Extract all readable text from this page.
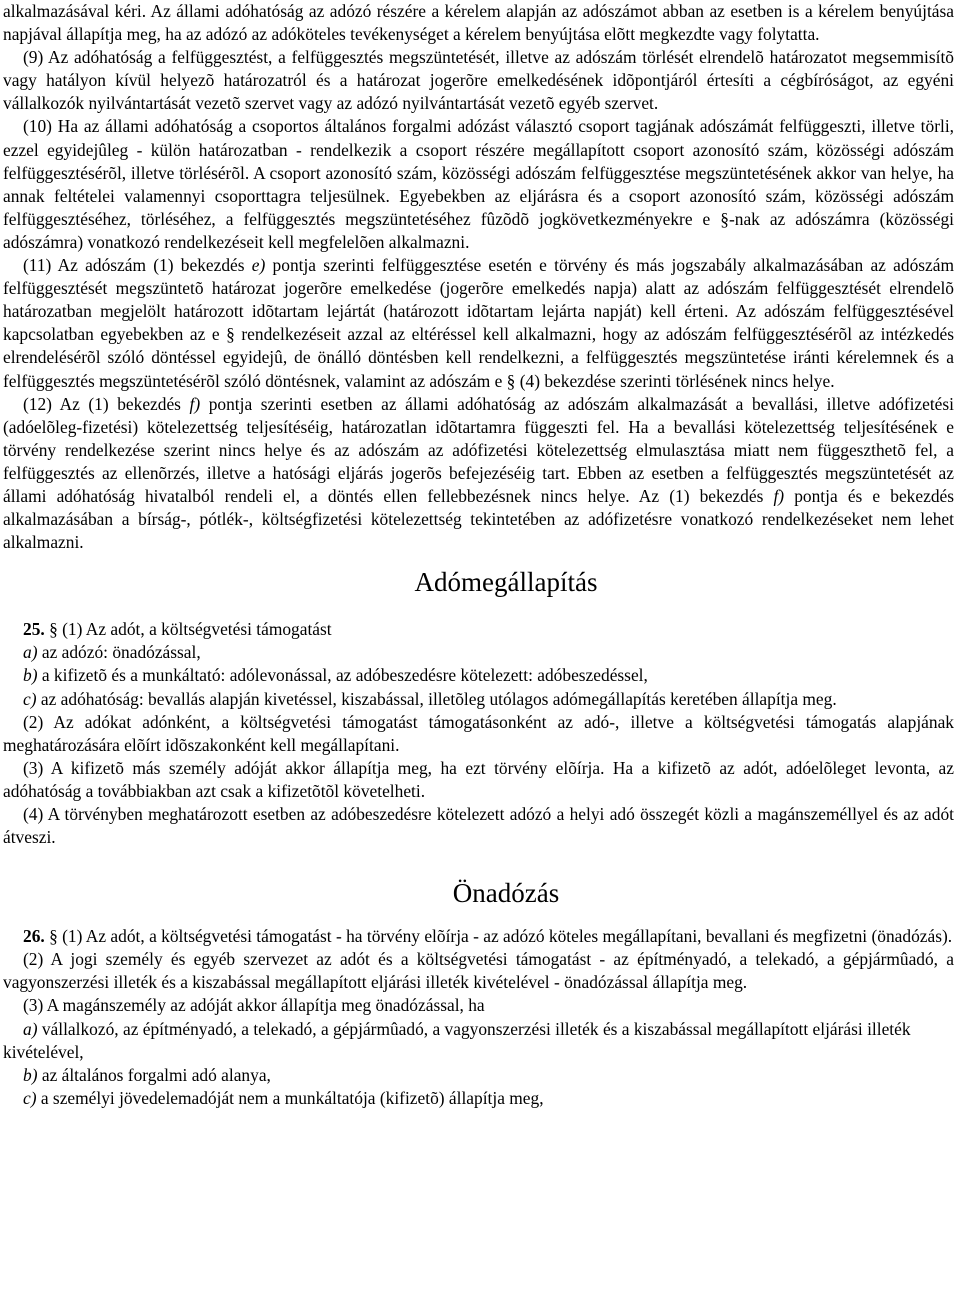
alkalmazásával kéri. Az állami adóhatóság az adózó részére a kérelem alapján az adószámot abban az esetben is a kérelem benyújtása napjával állapítja meg, ha az adózó az adóköteles tevékenységet a kérelem benyújtása elõtt megkezdte vagy folytatta.

(9) Az adóhatóság a felfüggesztést, a felfüggesztés megszüntetését, illetve az adószám törlését elrendelõ határozatot megsemmisítõ vagy hatályon kívül helyezõ határozatról és a határozat jogerõre emelkedésének idõpontjáról értesíti a cégbíróságot, az egyéni vállalkozók nyilvántartását vezetõ szervet vagy az adózó nyilvántartását vezetõ egyéb szervet.

(10) Ha az állami adóhatóság a csoportos általános forgalmi adózást választó csoport tagjának adószámát felfüggeszti, illetve törli, ezzel egyidejûleg - külön határozatban - rendelkezik a csoport részére megállapított csoport azonosító szám, közösségi adószám felfüggesztésérõl, illetve törlésérõl. A csoport azonosító szám, közösségi adószám felfüggesztése megszüntetésének akkor van helye, ha annak feltételei valamennyi csoporttagra teljesülnek. Egyebekben az eljárásra és a csoport azonosító szám, közösségi adószám felfüggesztéséhez, törléséhez, a felfüggesztés megszüntetéséhez fûzõdõ jogkövetkezményekre e §-nak az adószámra (közösségi adószámra) vonatkozó rendelkezéseit kell megfelelõen alkalmazni.

(11) Az adószám (1) bekezdés e) pontja szerinti felfüggesztése esetén e törvény és más jogszabály alkalmazásában az adószám felfüggesztését megszüntetõ határozat jogerõre emelkedése (jogerõre emelkedés napja) alatt az adószám felfüggesztését elrendelõ határozatban megjelölt határozott idõtartam lejártát (határozott idõtartam lejárta napját) kell érteni. Az adószám felfüggesztésével kapcsolatban egyebekben az e § rendelkezéseit azzal az eltéréssel kell alkalmazni, hogy az adószám felfüggesztésérõl az intézkedés elrendelésérõl szóló döntéssel egyidejû, de önálló döntésben kell rendelkezni, a felfüggesztés megszüntetése iránti kérelemnek és a felfüggesztés megszüntetésérõl szóló döntésnek, valamint az adószám e § (4) bekezdése szerinti törlésének nincs helye.

(12) Az (1) bekezdés f) pontja szerinti esetben az állami adóhatóság az adószám alkalmazását a bevallási, illetve adófizetési (adóelõleg-fizetési) kötelezettség teljesítéséig, határozatlan idõtartamra függeszti fel. Ha a bevallási kötelezettség teljesítésének e törvény rendelkezése szerint nincs helye és az adószám az adófizetési kötelezettség elmulasztása miatt nem függeszthetõ fel, a felfüggesztés az ellenõrzés, illetve a hatósági eljárás jogerõs befejezéséig tart. Ebben az esetben a felfüggesztés megszüntetését az állami adóhatóság hivatalból rendeli el, a döntés ellen fellebbezésnek nincs helye. Az (1) bekezdés f) pontja és e bekezdés alkalmazásában a bírság-, pótlék-, költségfizetési kötelezettség tekintetében az adófizetésre vonatkozó rendelkezéseket nem lehet alkalmazni.

Adómegállapítás

25. § (1) Az adót, a költségvetési támogatást

a) az adózó: önadózással,

b) a kifizetõ és a munkáltató: adólevonással, az adóbeszedésre kötelezett: adóbeszedéssel,

c) az adóhatóság: bevallás alapján kivetéssel, kiszabással, illetõleg utólagos adómegállapítás keretében állapítja meg.

(2) Az adókat adónként, a költségvetési támogatást támogatásonként az adó-, illetve a költségvetési támogatás alapjának meghatározására elõírt idõszakonként kell megállapítani.

(3) A kifizetõ más személy adóját akkor állapítja meg, ha ezt törvény elõírja. Ha a kifizetõ az adót, adóelõleget levonta, az adóhatóság a továbbiakban azt csak a kifizetõtõl követelheti.

(4) A törvényben meghatározott esetben az adóbeszedésre kötelezett adózó a helyi adó összegét közli a magánszeméllyel és az adót átveszi.

Önadózás

26. § (1) Az adót, a költségvetési támogatást - ha törvény elõírja - az adózó köteles megállapítani, bevallani és megfizetni (önadózás).

(2) A jogi személy és egyéb szervezet az adót és a költségvetési támogatást - az építményadó, a telekadó, a gépjármûadó, a vagyonszerzési illeték és a kiszabással megállapított eljárási illeték kivételével - önadózással állapítja meg.

(3) A magánszemély az adóját akkor állapítja meg önadózással, ha

a) vállalkozó, az építményadó, a telekadó, a gépjármûadó, a vagyonszerzési illeték és a kiszabással megállapított eljárási illeték kivételével,

b) az általános forgalmi adó alanya,

c) a személyi jövedelemadóját nem a munkáltatója (kifizetõ) állapítja meg,
